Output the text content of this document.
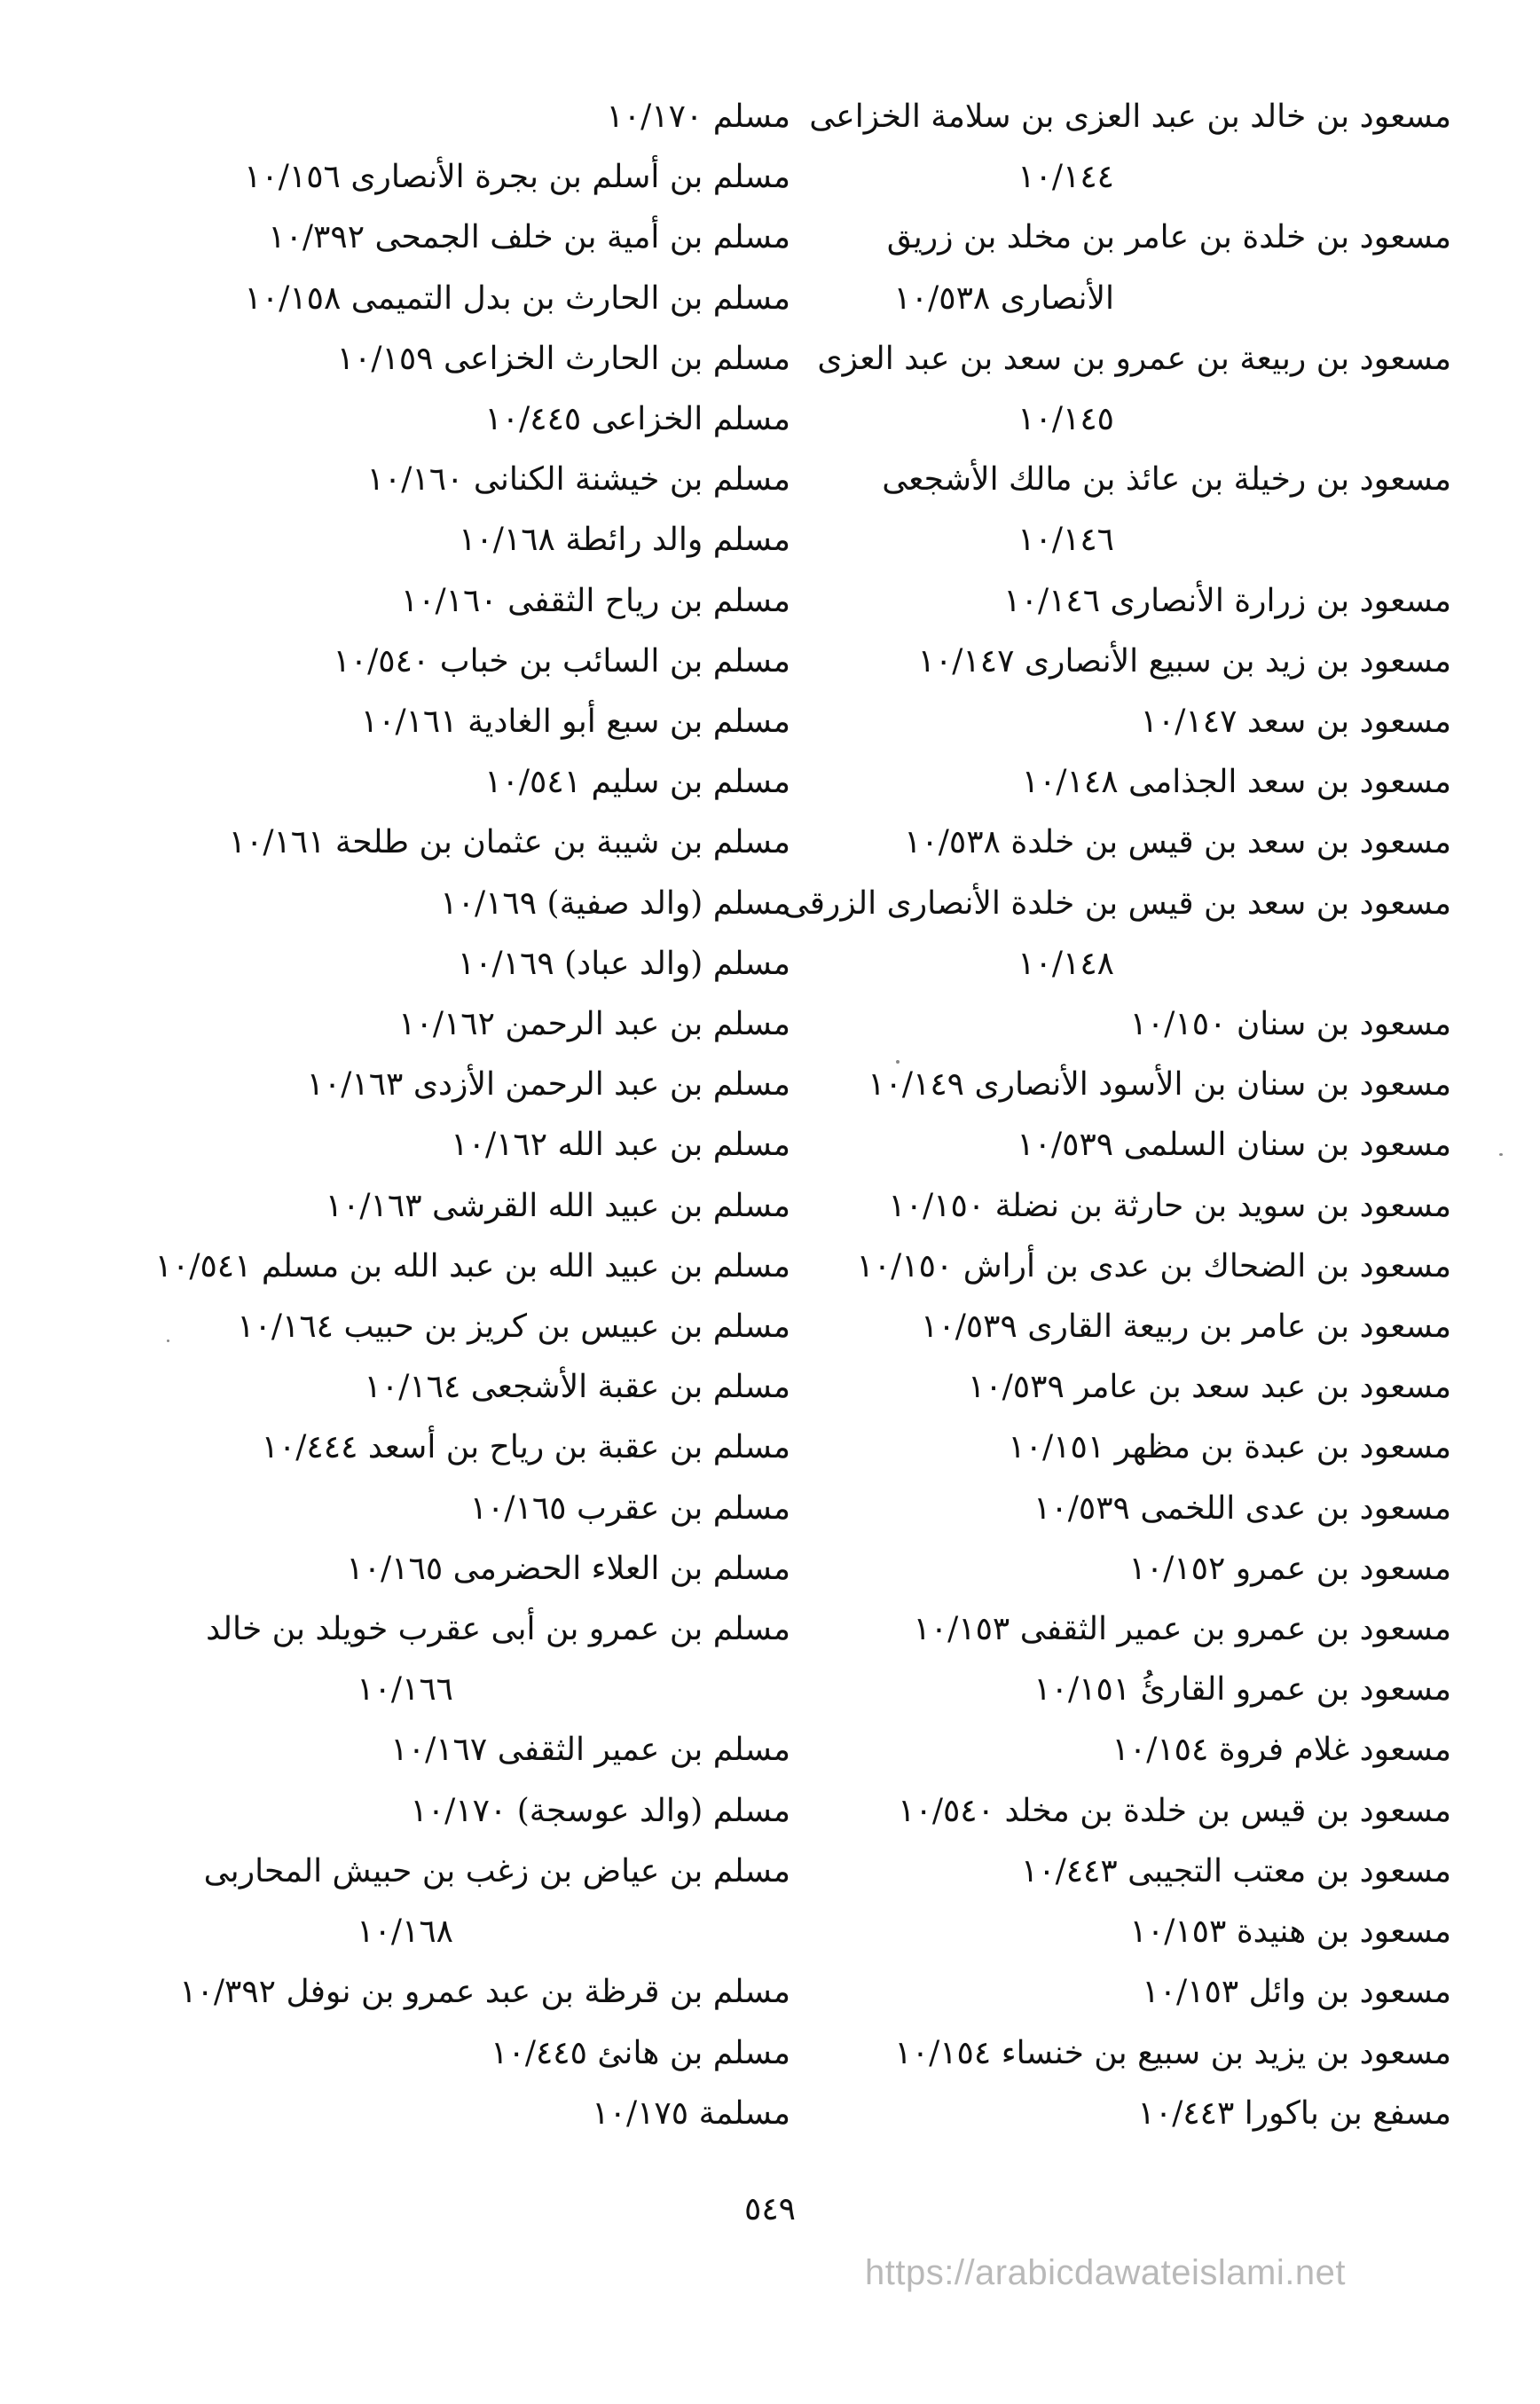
مسعود بن خالد بن عبد العزى بن سلامة الخزاعى
١٠/١٤٤
مسعود بن خلدة بن عامر بن مخلد بن زريق
الأنصارى ١٠/٥٣٨
مسعود بن ربيعة بن عمرو بن سعد بن عبد العزى
١٠/١٤٥
مسعود بن رخيلة بن عائذ بن مالك الأشجعى
١٠/١٤٦
مسعود بن زرارة الأنصارى ١٠/١٤٦
مسعود بن زيد بن سبيع الأنصارى ١٠/١٤٧
مسعود بن سعد ١٠/١٤٧
مسعود بن سعد الجذامى ١٠/١٤٨
مسعود بن سعد بن قيس بن خلدة ١٠/٥٣٨
مسعود بن سعد بن قيس بن خلدة الأنصارى الزرقى
١٠/١٤٨
مسعود بن سنان ١٠/١٥٠
مسعود بن سنان بن الأسود الأنصارى ١٠/١٤٩
مسعود بن سنان السلمى ١٠/٥٣٩
مسعود بن سويد بن حارثة بن نضلة ١٠/١٥٠
مسعود بن الضحاك بن عدى بن أراش ١٠/١٥٠
مسعود بن عامر بن ربيعة القارى ١٠/٥٣٩
مسعود بن عبد سعد بن عامر ١٠/٥٣٩
مسعود بن عبدة بن مظهر ١٠/١٥١
مسعود بن عدى اللخمى ١٠/٥٣٩
مسعود بن عمرو ١٠/١٥٢
مسعود بن عمرو بن عمير الثقفى ١٠/١٥٣
مسعود بن عمرو القارئُ ١٠/١٥١
مسعود غلام فروة ١٠/١٥٤
مسعود بن قيس بن خلدة بن مخلد ١٠/٥٤٠
مسعود بن معتب التجيبى ١٠/٤٤٣
مسعود بن هنيدة ١٠/١٥٣
مسعود بن وائل ١٠/١٥٣
مسعود بن يزيد بن سبيع بن خنساء ١٠/١٥٤
مسفع بن باكورا ١٠/٤٤٣
مسلم ١٠/١٧٠
مسلم بن أسلم بن بجرة الأنصارى ١٠/١٥٦
مسلم بن أمية بن خلف الجمحى ١٠/٣٩٢
مسلم بن الحارث بن بدل التميمى ١٠/١٥٨
مسلم بن الحارث الخزاعى ١٠/١٥٩
مسلم الخزاعى ١٠/٤٤٥
مسلم بن خيشنة الكنانى ١٠/١٦٠
مسلم والد رائطة ١٠/١٦٨
مسلم بن رياح الثقفى ١٠/١٦٠
مسلم بن السائب بن خباب ١٠/٥٤٠
مسلم بن سبع أبو الغادية ١٠/١٦١
مسلم بن سليم ١٠/٥٤١
مسلم بن شيبة بن عثمان بن طلحة ١٠/١٦١
مسلم (والد صفية) ١٠/١٦٩
مسلم (والد عباد) ١٠/١٦٩
مسلم بن عبد الرحمن ١٠/١٦٢
مسلم بن عبد الرحمن الأزدى ١٠/١٦٣
مسلم بن عبد الله ١٠/١٦٢
مسلم بن عبيد الله القرشى ١٠/١٦٣
مسلم بن عبيد الله بن عبد الله بن مسلم ١٠/٥٤١
مسلم بن عبيس بن كريز بن حبيب ١٠/١٦٤
مسلم بن عقبة الأشجعى ١٠/١٦٤
مسلم بن عقبة بن رياح بن أسعد ١٠/٤٤٤
مسلم بن عقرب ١٠/١٦٥
مسلم بن العلاء الحضرمى ١٠/١٦٥
مسلم بن عمرو بن أبى عقرب خويلد بن خالد
١٠/١٦٦
مسلم بن عمير الثقفى ١٠/١٦٧
مسلم (والد عوسجة) ١٠/١٧٠
مسلم بن عياض بن زغب بن حبيش المحاربى
١٠/١٦٨
مسلم بن قرظة بن عبد عمرو بن نوفل ١٠/٣٩٢
مسلم بن هانئ ١٠/٤٤٥
مسلمة ١٠/١٧٥
٥٤٩
https://arabicdawateislami.net
